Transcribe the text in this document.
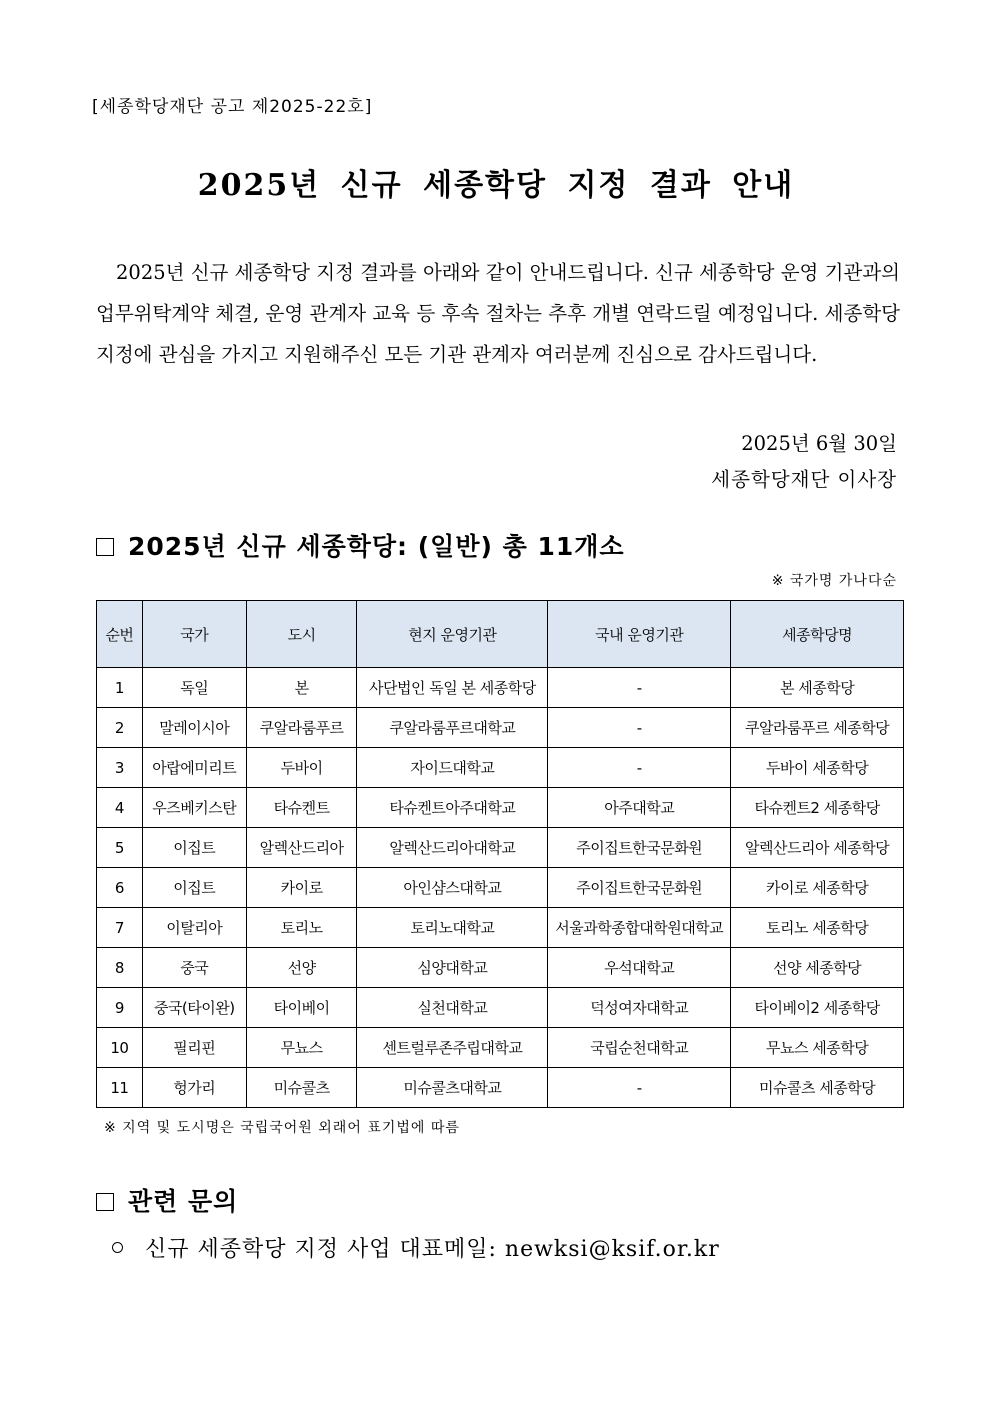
[세종학당재단 공고 제2025-22호]
2025년 신규 세종학당 지정 결과 안내

2025년 신규 세종학당 지정 결과를 아래와 같이 안내드립니다. 신규 세종학당 운영 기관과의 업무위탁계약 체결, 운영 관계자 교육 등 후속 절차는 추후 개별 연락드릴 예정입니다. 세종학당 지정에 관심을 가지고 지원해주신 모든 기관 관계자 여러분께 진심으로 감사드립니다.

2025년 6월 30일
세종학당재단 이사장
2025년 신규 세종학당: (일반) 총 11개소
※ 국가명 가나다순
순번	국가	도시	현지 운영기관	국내 운영기관	세종학당명
1	독일	본	사단법인 독일 본 세종학당	-	본 세종학당
2	말레이시아	쿠알라룸푸르	쿠알라룸푸르대학교	-	쿠알라룸푸르 세종학당
3	아랍에미리트	두바이	자이드대학교	-	두바이 세종학당
4	우즈베키스탄	타슈켄트	타슈켄트아주대학교	아주대학교	타슈켄트2 세종학당
5	이집트	알렉산드리아	알렉산드리아대학교	주이집트한국문화원	알렉산드리아 세종학당
6	이집트	카이로	아인샴스대학교	주이집트한국문화원	카이로 세종학당
7	이탈리아	토리노	토리노대학교	서울과학종합대학원대학교	토리노 세종학당
8	중국	선양	심양대학교	우석대학교	선양 세종학당
9	중국(타이완)	타이베이	실천대학교	덕성여자대학교	타이베이2 세종학당
10	필리핀	무뇨스	센트럴루존주립대학교	국립순천대학교	무뇨스 세종학당
11	헝가리	미슈콜츠	미슈콜츠대학교	-	미슈콜츠 세종학당
※ 지역 및 도시명은 국립국어원 외래어 표기법에 따름
관련 문의
신규 세종학당 지정 사업 대표메일: newksi@ksif.or.kr
